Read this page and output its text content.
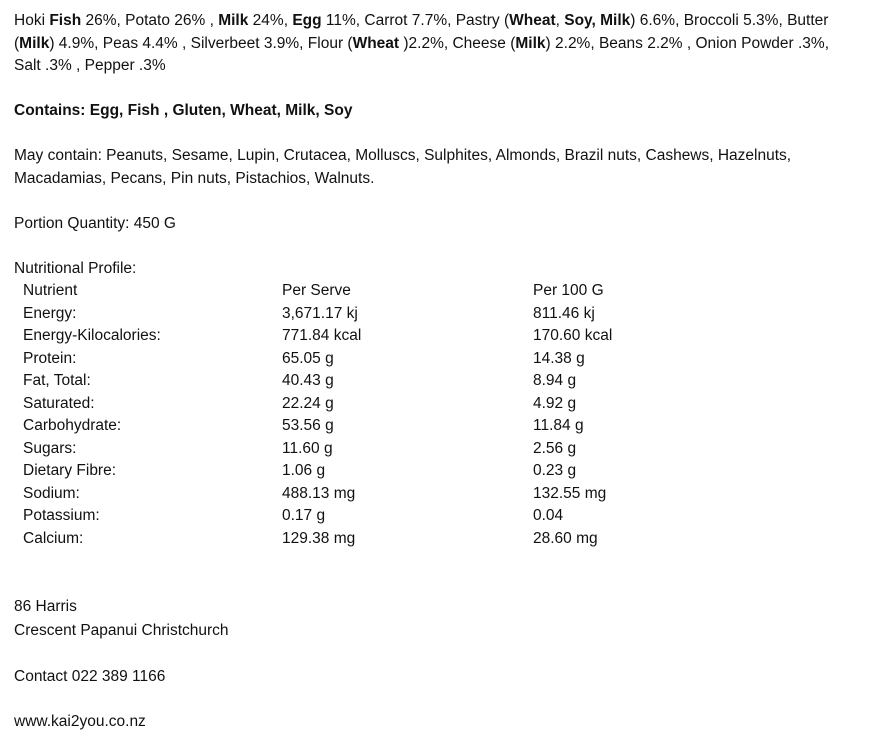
Hoki Fish 26%, Potato 26% , Milk 24%, Egg 11%, Carrot 7.7%, Pastry (Wheat, Soy, Milk) 6.6%, Broccoli 5.3%, Butter
(Milk) 4.9%, Peas 4.4% , Silverbeet 3.9%, Flour (Wheat )2.2%, Cheese (Milk) 2.2%, Beans 2.2% , Onion Powder .3%,
Salt .3% , Pepper .3%
Contains: Egg, Fish , Gluten, Wheat, Milk, Soy
May contain: Peanuts, Sesame, Lupin, Crutacea, Molluscs, Sulphites, Almonds, Brazil nuts, Cashews, Hazelnuts,
Macadamias, Pecans, Pin nuts, Pistachios, Walnuts.
Portion Quantity: 450 G
Nutritional Profile:
Nutrient	Per Serve	Per 100 G
Energy:	3,671.17 kj	811.46 kj
Energy-Kilocalories:	771.84 kcal	170.60 kcal
Protein:	65.05 g	14.38 g
Fat, Total:	40.43 g	8.94 g
Saturated:	22.24 g	4.92 g
Carbohydrate:	53.56 g	11.84 g
Sugars:	11.60 g	2.56 g
Dietary Fibre:	1.06 g	0.23 g
Sodium:	488.13 mg	132.55 mg
Potassium:	0.17 g	0.04
Calcium:	129.38 mg	28.60 mg
86 Harris
Crescent Papanui Christchurch
Contact 022 389 1166
www.kai2you.co.nz
